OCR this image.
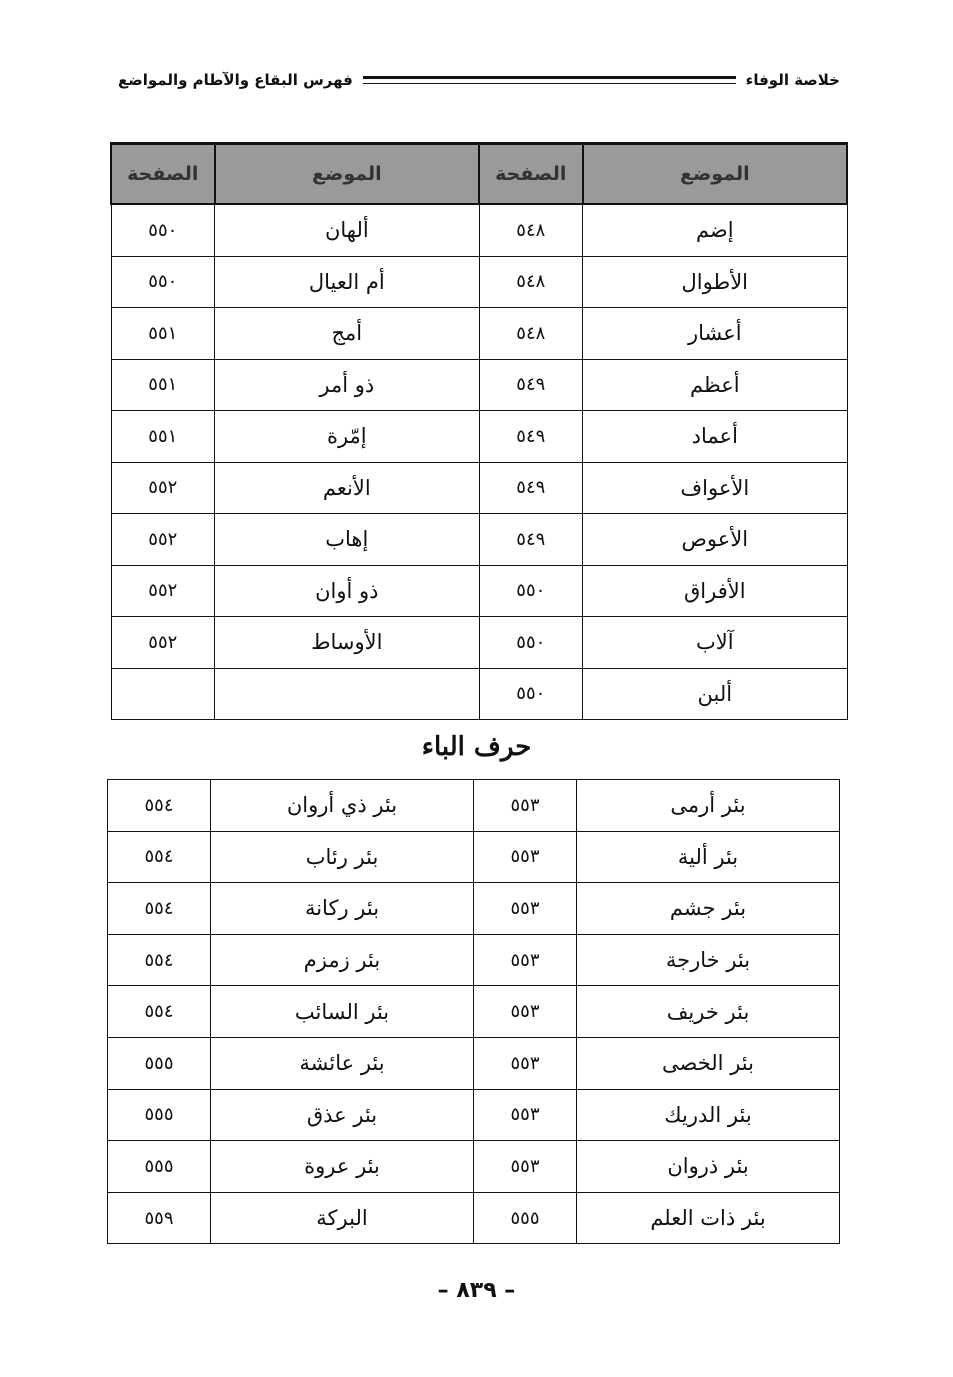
خلاصة الوفاء
فهرس البقاع والآطام والمواضع
الموضع	الصفحة	الموضع	الصفحة
إضم	٥٤٨	ألهان	٥٥٠
الأطوال	٥٤٨	أم العيال	٥٥٠
أعشار	٥٤٨	أمج	٥٥١
أعظم	٥٤٩	ذو أمر	٥٥١
أعماد	٥٤٩	إمّرة	٥٥١
الأعواف	٥٤٩	الأنعم	٥٥٢
الأعوص	٥٤٩	إهاب	٥٥٢
الأفراق	٥٥٠	ذو أوان	٥٥٢
آلاب	٥٥٠	الأوساط	٥٥٢
ألبن	٥٥٠		
حرف الباء
بئر أرمى	٥٥٣	بئر ذي أروان	٥٥٤
بئر ألية	٥٥٣	بئر رئاب	٥٥٤
بئر جشم	٥٥٣	بئر ركانة	٥٥٤
بئر خارجة	٥٥٣	بئر زمزم	٥٥٤
بئر خريف	٥٥٣	بئر السائب	٥٥٤
بئر الخصى	٥٥٣	بئر عائشة	٥٥٥
بئر الدريك	٥٥٣	بئر عذق	٥٥٥
بئر ذروان	٥٥٣	بئر عروة	٥٥٥
بئر ذات العلم	٥٥٥	البركة	٥٥٩
– ٨٣٩ –
